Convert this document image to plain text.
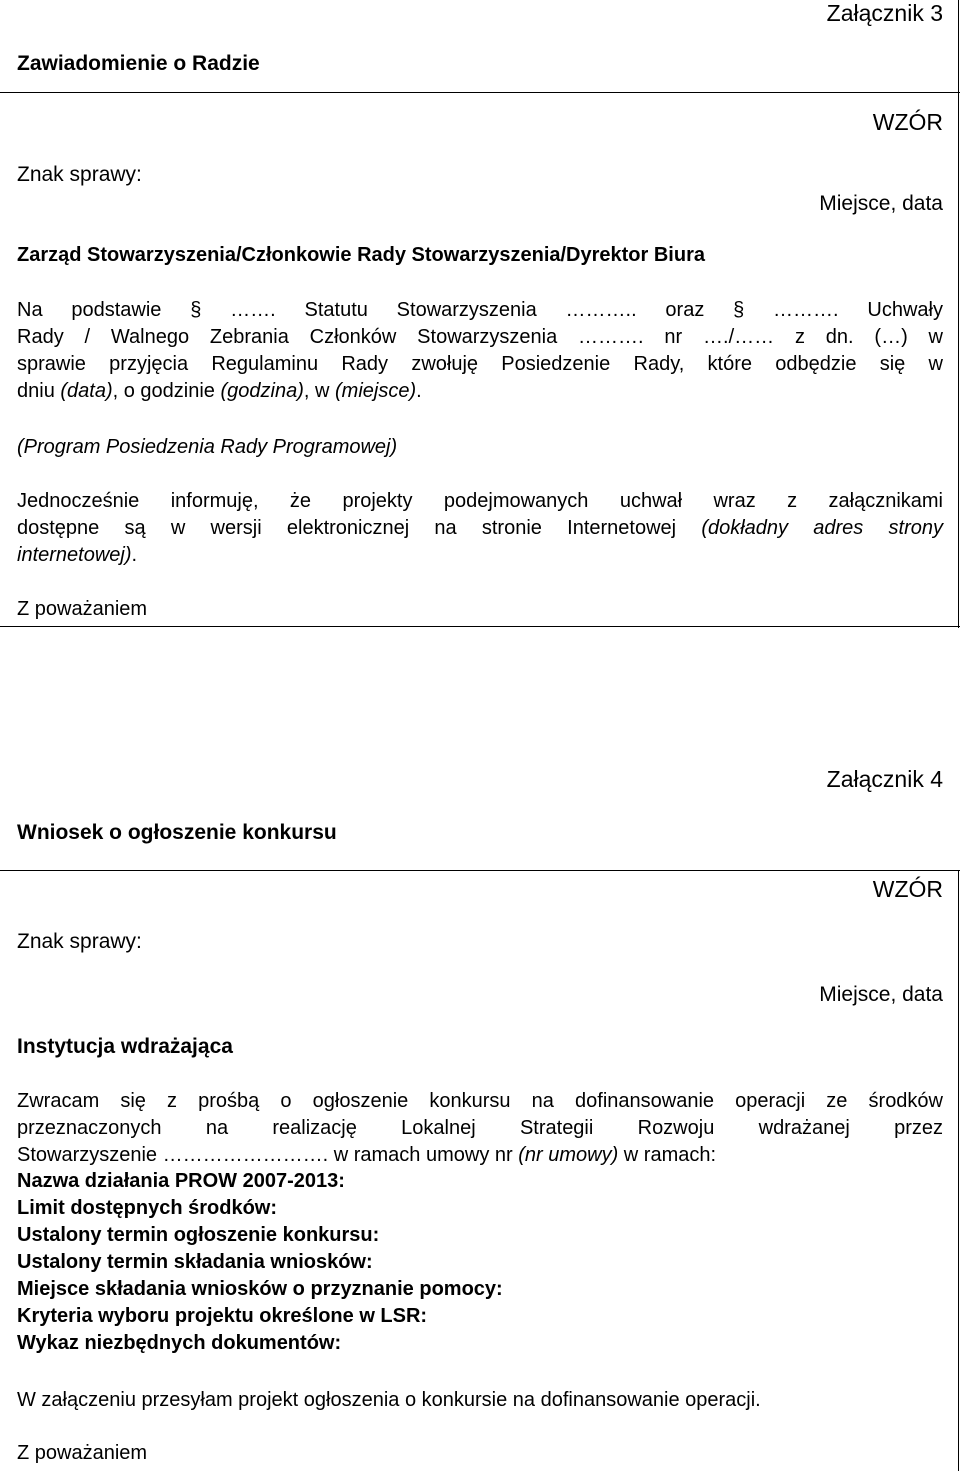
Załącznik 3
Zawiadomienie o Radzie
WZÓR
Znak sprawy:
Miejsce, data
Zarząd Stowarzyszenia/Członkowie Rady Stowarzyszenia/Dyrektor Biura
Na podstawie § ……. Statutu Stowarzyszenia ……….. oraz § ………. Uchwały
Rady / Walnego Zebrania Członków Stowarzyszenia ………. nr …./…… z dn. (…) w
sprawie przyjęcia Regulaminu Rady zwołuję Posiedzenie Rady, które odbędzie się w
dniu (data), o godzinie (godzina), w (miejsce).
(Program Posiedzenia Rady Programowej)
Jednocześnie informuję, że projekty podejmowanych uchwał wraz z załącznikami
dostępne są w wersji elektronicznej na stronie Internetowej (dokładny adres strony
internetowej).
Z poważaniem
Załącznik 4
Wniosek o ogłoszenie konkursu
WZÓR
Znak sprawy:
Miejsce, data
Instytucja wdrażająca
Zwracam się z prośbą o ogłoszenie konkursu na dofinansowanie operacji ze środków
przeznaczonych na realizację Lokalnej Strategii Rozwoju wdrażanej przez
Stowarzyszenie ……………………. w ramach umowy nr (nr umowy) w ramach:
Nazwa działania PROW 2007-2013:
Limit dostępnych środków:
Ustalony termin ogłoszenie konkursu:
Ustalony termin składania wniosków:
Miejsce składania wniosków o przyznanie pomocy:
Kryteria wyboru projektu określone w LSR:
Wykaz niezbędnych dokumentów:
W załączeniu przesyłam projekt ogłoszenia o konkursie na dofinansowanie operacji.
Z poważaniem
